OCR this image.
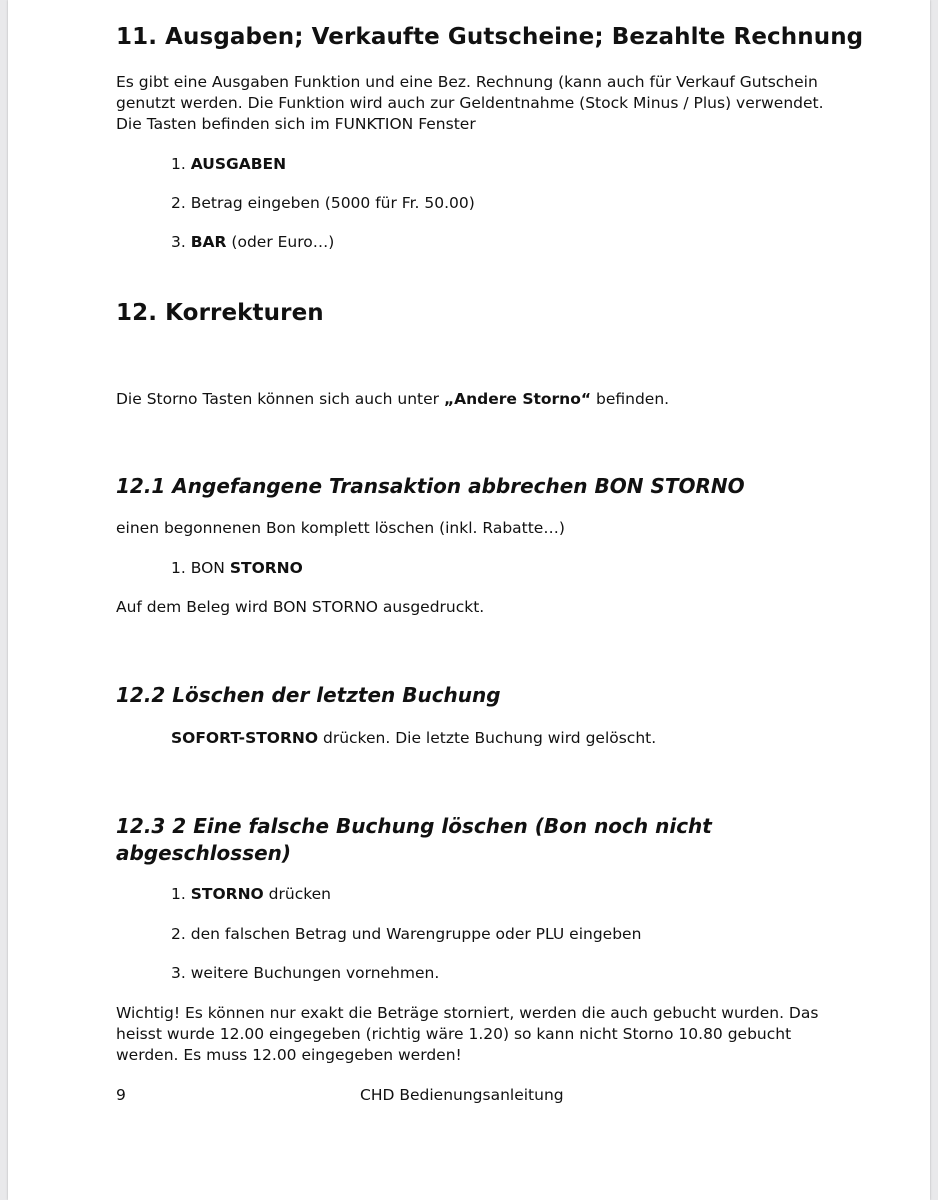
11. Ausgaben; Verkaufte Gutscheine; Bezahlte Rechnung

Es gibt eine Ausgaben Funktion und eine Bez. Rechnung (kann auch für Verkauf Gutschein genutzt werden. Die Funktion wird auch zur Geldentnahme (Stock Minus / Plus) verwendet. Die Tasten befinden sich im FUNKTION Fenster

1. AUSGABEN
2. Betrag eingeben (5000 für Fr. 50.00)
3. BAR (oder Euro…)
12. Korrekturen

Die Storno Tasten können sich auch unter „Andere Storno“ befinden.

12.1 Angefangene Transaktion abbrechen BON STORNO

einen begonnenen Bon komplett löschen (inkl. Rabatte…)

1. BON STORNO

Auf dem Beleg wird BON STORNO ausgedruckt.

12.2 Löschen der letzten Buchung
SOFORT-STORNO drücken. Die letzte Buchung wird gelöscht.
12.3 2 Eine falsche Buchung löschen (Bon noch nicht abgeschlossen)
1. STORNO drücken
2. den falschen Betrag und Warengruppe oder PLU eingeben
3. weitere Buchungen vornehmen.

Wichtig! Es können nur exakt die Beträge storniert, werden die auch gebucht wurden. Das heisst wurde 12.00 eingegeben (richtig wäre 1.20) so kann nicht Storno 10.80 gebucht werden. Es muss 12.00 eingegeben werden!

9	CHD Bedienungsanleitung
